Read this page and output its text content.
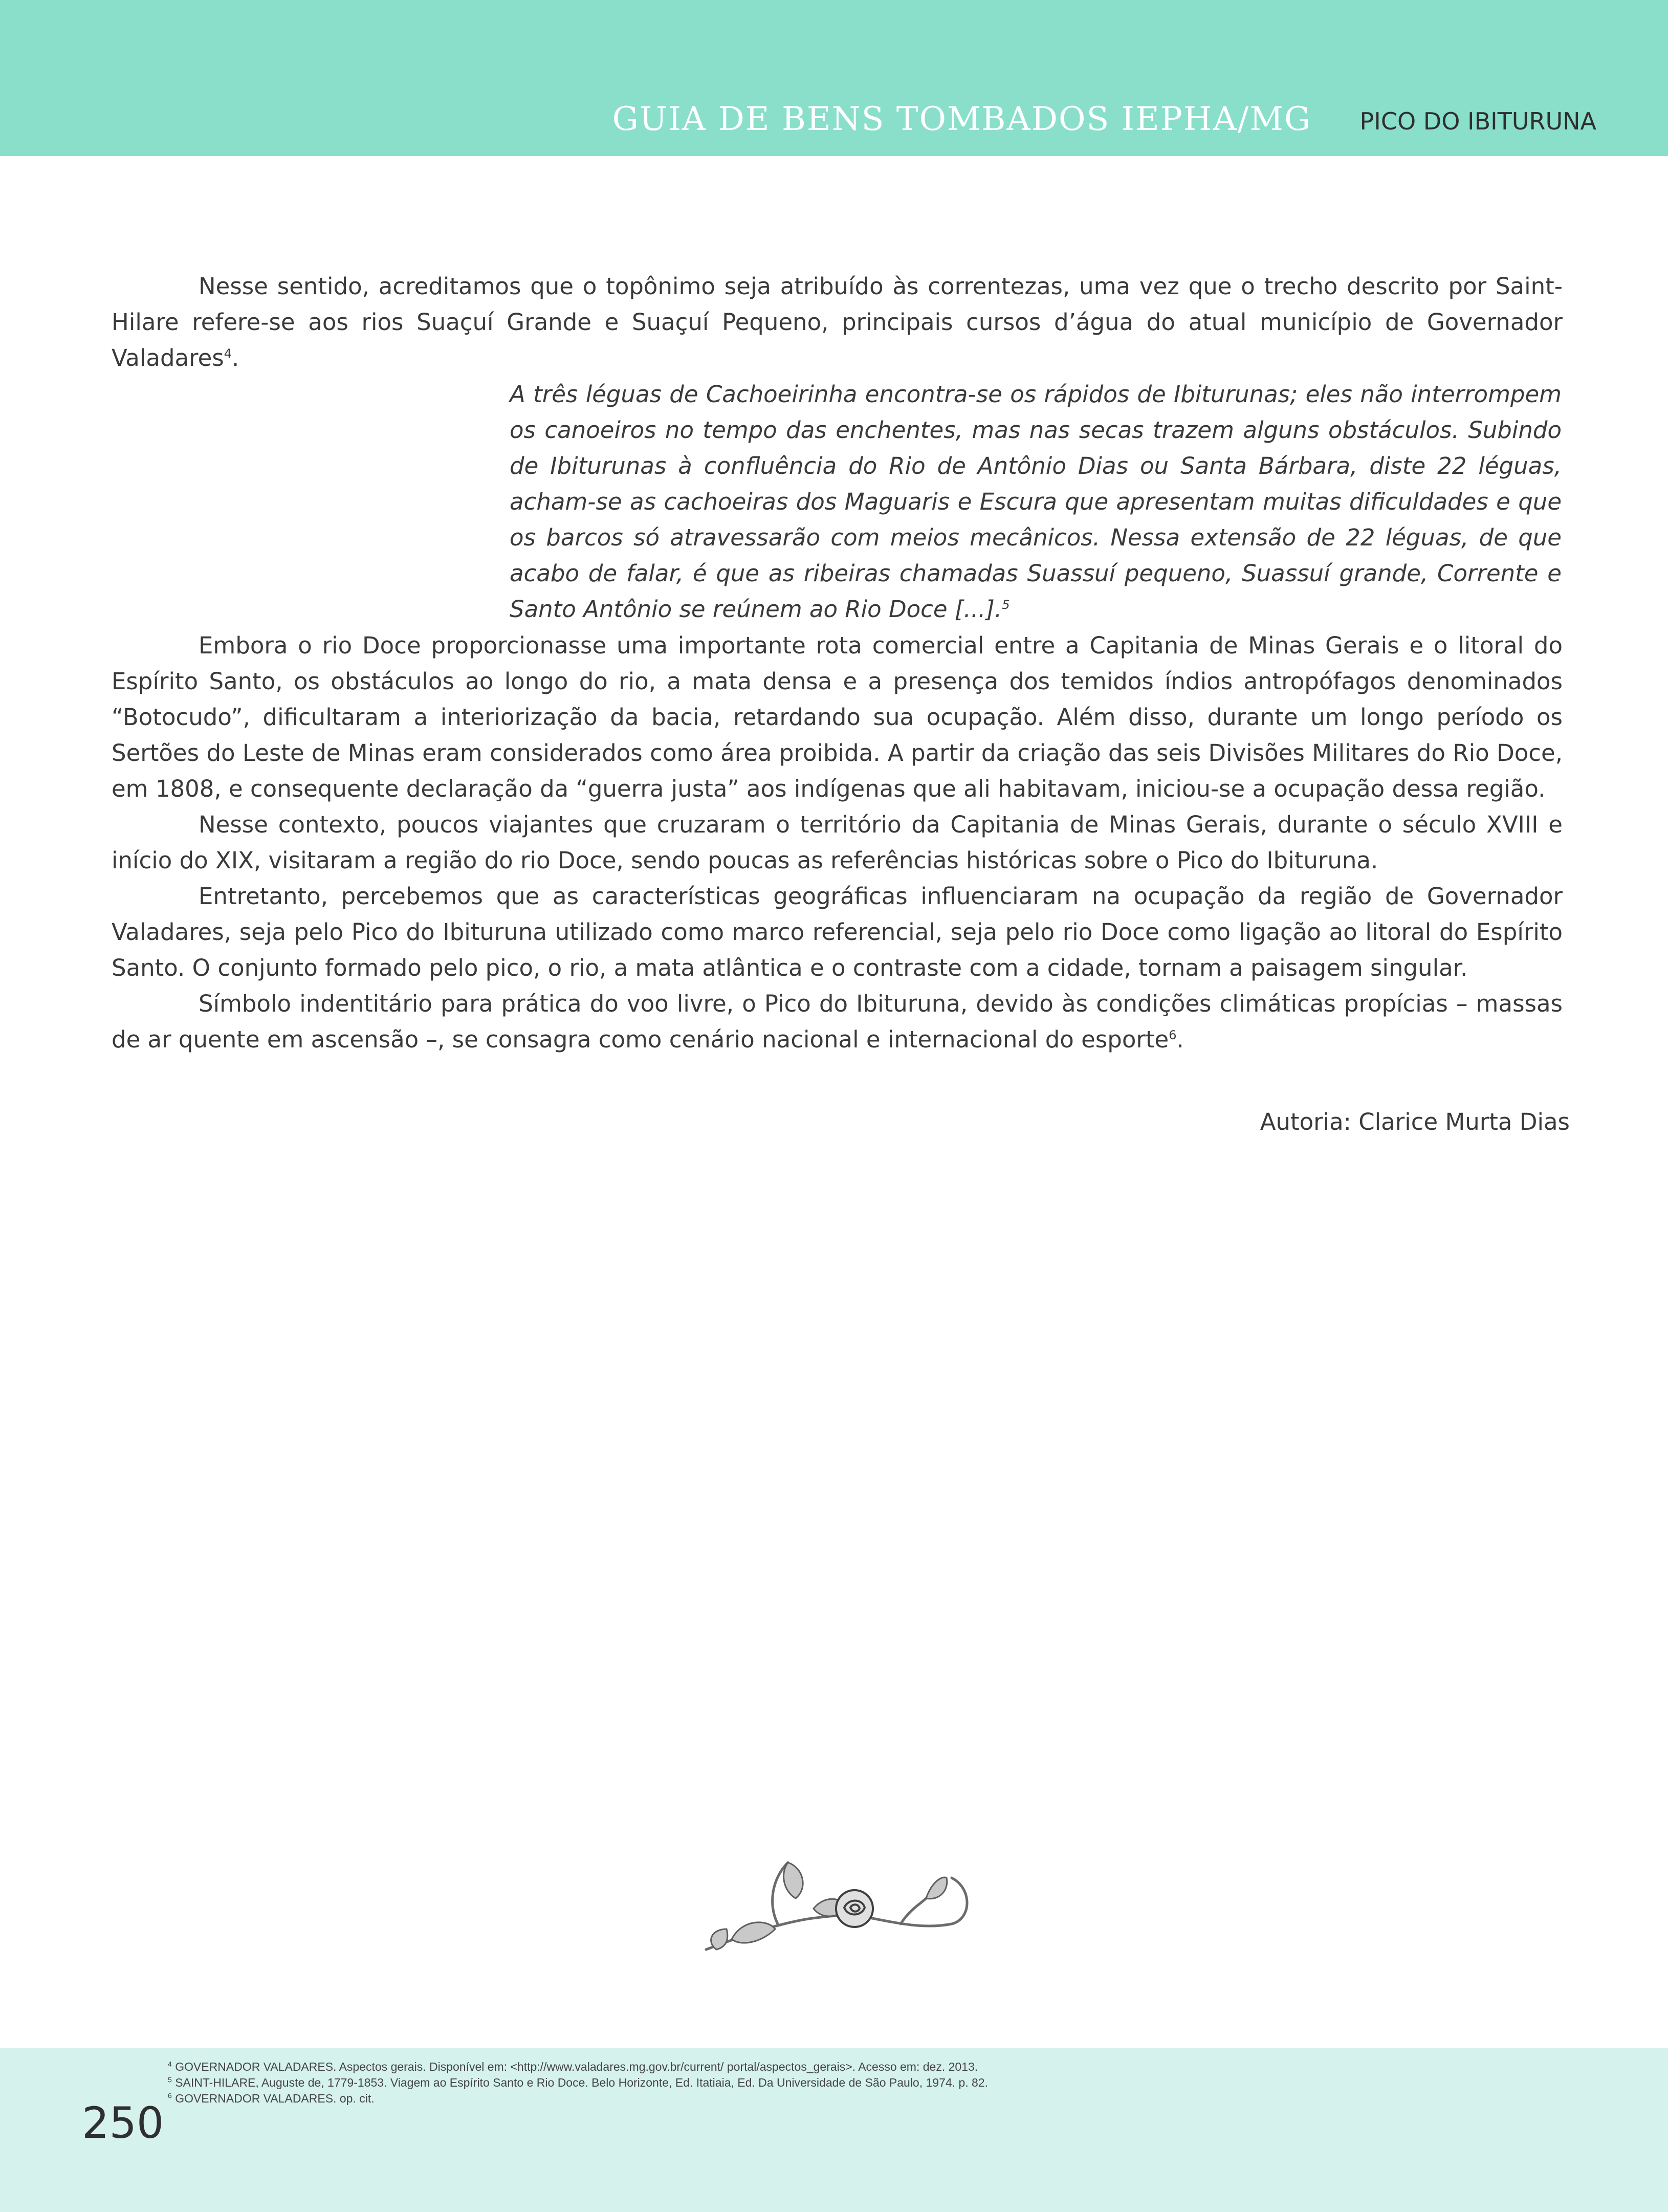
GUIA DE BENS TOMBADOS IEPHA/MG PICO DO IBITURUNA

Nesse sentido, acreditamos que o topônimo seja atribuído às correntezas, uma vez que o trecho descrito por Saint-Hilare refere-se aos rios Suaçuí Grande e Suaçuí Pequeno, principais cursos d’água do atual município de Governador Valadares$^4$.

A três léguas de Cachoeirinha encontra-se os rápidos de Ibiturunas; eles não interrompem os canoeiros no tempo das enchentes, mas nas secas trazem alguns obstáculos. Subindo de Ibiturunas à confluência do Rio de Antônio Dias ou Santa Bárbara, diste 22 léguas, acham-se as cachoeiras dos Maguaris e Escura que apresentam muitas dificuldades e que os barcos só atravessarão com meios mecânicos. Nessa extensão de 22 léguas, de que acabo de falar, é que as ribeiras chamadas Suassuí pequeno, Suassuí grande, Corrente e Santo Antônio se reúnem ao Rio Doce [...].$^5$

Embora o rio Doce proporcionasse uma importante rota comercial entre a Capitania de Minas Gerais e o litoral do Espírito Santo, os obstáculos ao longo do rio, a mata densa e a presença dos temidos índios antropófagos denominados “Botocudo”, dificultaram a interiorização da bacia, retardando sua ocupação. Além disso, durante um longo período os Sertões do Leste de Minas eram considerados como área proibida. A partir da criação das seis Divisões Militares do Rio Doce, em 1808, e consequente declaração da “guerra justa” aos indígenas que ali habitavam, iniciou-se a ocupação dessa região.

Nesse contexto, poucos viajantes que cruzaram o território da Capitania de Minas Gerais, durante o século XVIII e início do XIX, visitaram a região do rio Doce, sendo poucas as referências históricas sobre o Pico do Ibituruna.

Entretanto, percebemos que as características geográficas influenciaram na ocupação da região de Governador Valadares, seja pelo Pico do Ibituruna utilizado como marco referencial, seja pelo rio Doce como ligação ao litoral do Espírito Santo. O conjunto formado pelo pico, o rio, a mata atlântica e o contraste com a cidade, tornam a paisagem singular.

Símbolo indentitário para prática do voo livre, o Pico do Ibituruna, devido às condições climáticas propícias – massas de ar quente em ascensão –, se consagra como cenário nacional e internacional do esporte$^6$.

Autoria: Clarice Murta Dias
$^4$ GOVERNADOR VALADARES. Aspectos gerais. Disponível em: <http://www.valadares.mg.gov.br/current/ portal/aspectos_gerais>. Acesso em: dez. 2013.
$^5$ SAINT-HILARE, Auguste de, 1779-1853. Viagem ao Espírito Santo e Rio Doce. Belo Horizonte, Ed. Itatiaia, Ed. Da Universidade de São Paulo, 1974. p. 82.
$^6$ GOVERNADOR VALADARES. op. cit.
250
